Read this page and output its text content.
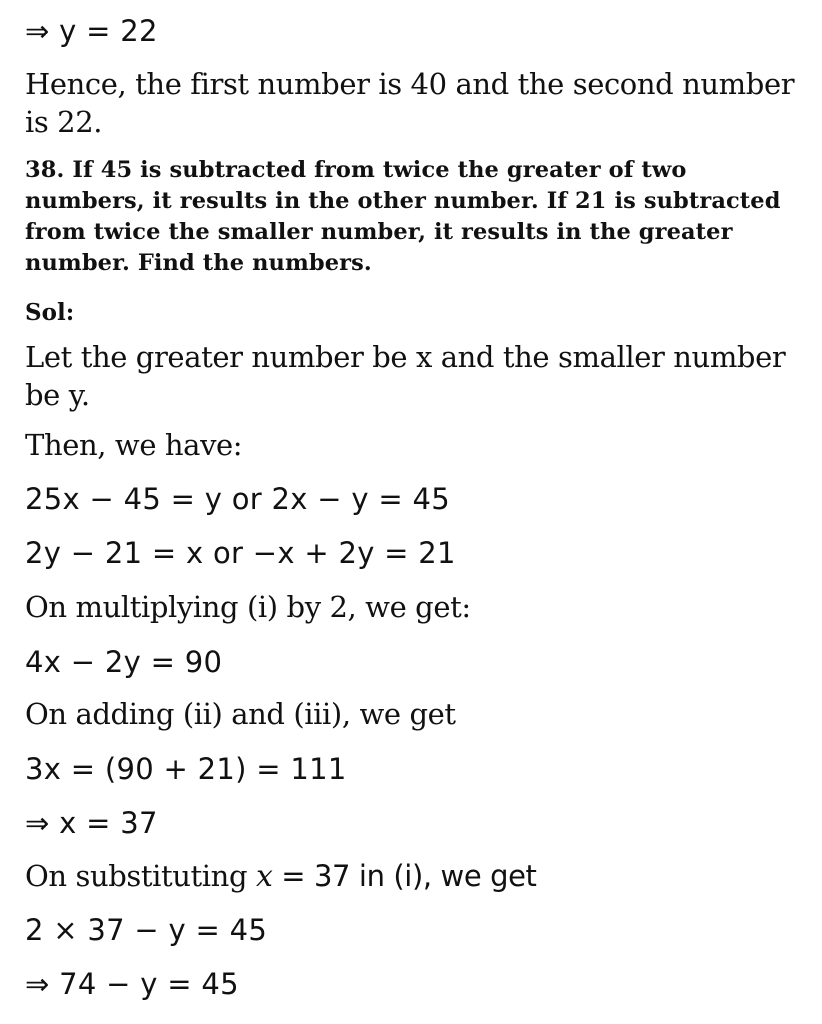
⇒ y = 22
Hence, the first number is 40 and the second number is 22.
38. If 45 is subtracted from twice the greater of two numbers, it results in the other number. If 21 is subtracted from twice the smaller number, it results in the greater number. Find the numbers.
Sol:
Let the greater number be x and the smaller number be y.
Then, we have:
25x − 45 = y or 2x − y = 45
2y − 21 = x or −x + 2y = 21
On multiplying (i) by 2, we get:
4x − 2y = 90
On adding (ii) and (iii), we get
3x = (90 + 21) = 111
⇒ x = 37
On substituting x = 37 in (i), we get
2 × 37 − y = 45
⇒ 74 − y = 45
